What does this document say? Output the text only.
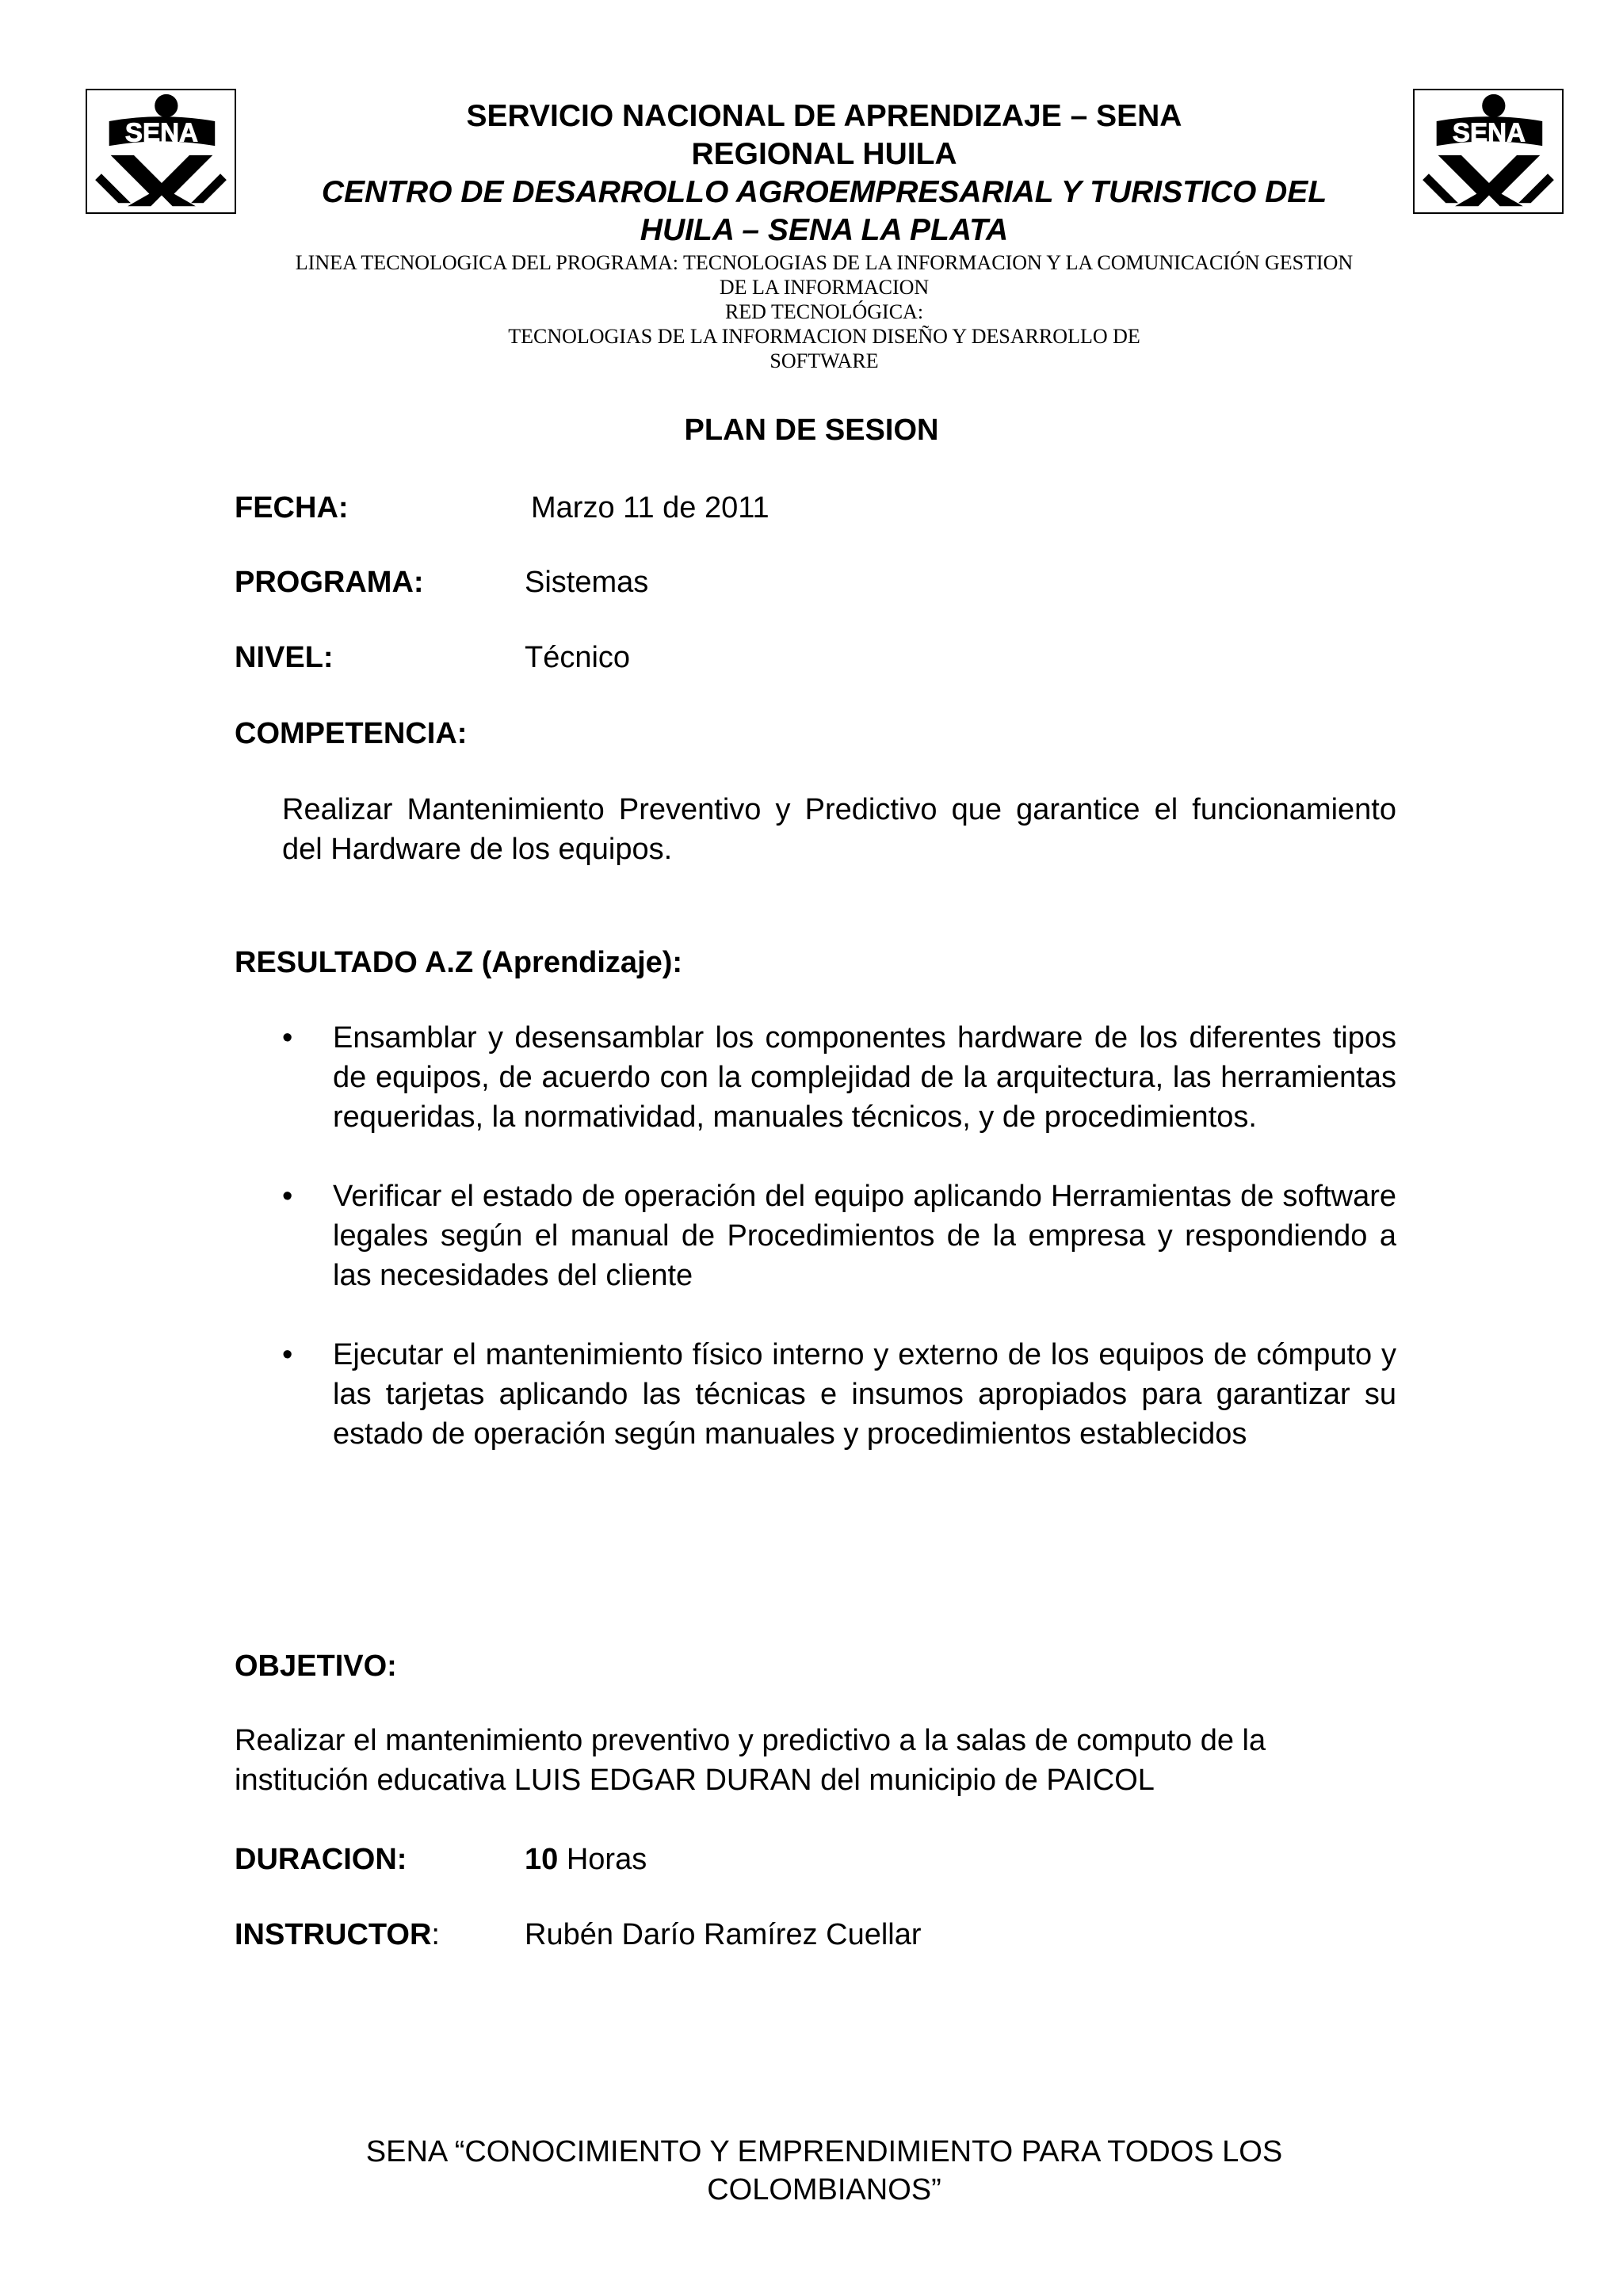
SENA	SENA
SERVICIO NACIONAL DE APRENDIZAJE – SENA
REGIONAL HUILA
CENTRO DE DESARROLLO AGROEMPRESARIAL Y TURISTICO DEL
HUILA – SENA LA PLATA
LINEA TECNOLOGICA DEL PROGRAMA: TECNOLOGIAS DE LA INFORMACION Y LA COMUNICACIÓN GESTION
DE LA INFORMACION
RED TECNOLÓGICA:
TECNOLOGIAS DE LA INFORMACION DISEÑO Y DESARROLLO DE
SOFTWARE
PLAN DE SESION
FECHA:	Marzo 11 de 2011
PROGRAMA:	Sistemas
NIVEL:	Técnico
COMPETENCIA:
Realizar Mantenimiento Preventivo y Predictivo que garantice el funcionamiento del Hardware de los equipos.
RESULTADO A.Z (Aprendizaje):
• Ensamblar y desensamblar los componentes hardware de los diferentes tipos de equipos, de acuerdo con la complejidad de la arquitectura, las herramientas requeridas, la normatividad, manuales técnicos, y de procedimientos.
• Verificar el estado de operación del equipo aplicando Herramientas de software legales según el manual de Procedimientos de la empresa y respondiendo a las necesidades del cliente
• Ejecutar el mantenimiento físico interno y externo de los equipos de cómputo y las tarjetas aplicando las técnicas e insumos apropiados para garantizar su estado de operación según manuales y procedimientos establecidos
OBJETIVO:
Realizar el mantenimiento preventivo y predictivo a la salas de computo de la institución educativa LUIS EDGAR DURAN del municipio de PAICOL
DURACION:	10 Horas
INSTRUCTOR:	Rubén Darío Ramírez Cuellar
SENA “CONOCIMIENTO Y EMPRENDIMIENTO PARA TODOS LOS
COLOMBIANOS”
